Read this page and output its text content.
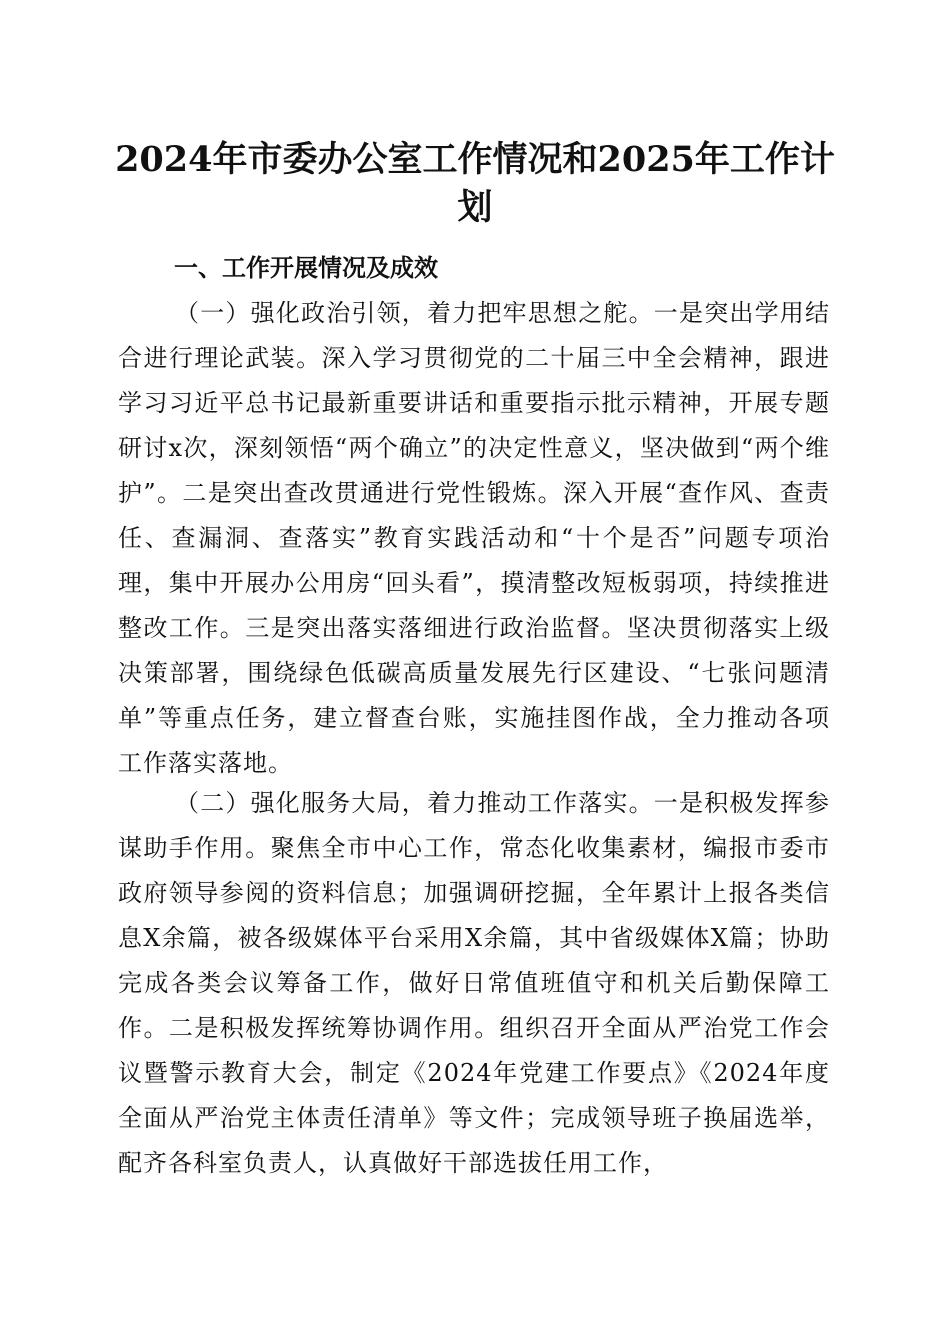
2024年市委办公室工作情况和2025年工作计划
一、工作开展情况及成效

（一）强化政治引领，着力把牢思想之舵。一是突出学用结合进行理论武装。深入学习贯彻党的二十届三中全会精神，跟进学习习近平总书记最新重要讲话和重要指示批示精神，开展专题研讨x次，深刻领悟“两个确立”的决定性意义，坚决做到“两个维护”。二是突出查改贯通进行党性锻炼。深入开展“查作风、查责任、查漏洞、查落实”教育实践活动和“十个是否”问题专项治理，集中开展办公用房“回头看”，摸清整改短板弱项，持续推进整改工作。三是突出落实落细进行政治监督。坚决贯彻落实上级决策部署，围绕绿色低碳高质量发展先行区建设、“七张问题清单”等重点任务，建立督查台账，实施挂图作战，全力推动各项工作落实落地。

（二）强化服务大局，着力推动工作落实。一是积极发挥参谋助手作用。聚焦全市中心工作，常态化收集素材，编报市委市政府领导参阅的资料信息；加强调研挖掘，全年累计上报各类信息X余篇，被各级媒体平台采用X余篇，其中省级媒体X篇；协助完成各类会议筹备工作，做好日常值班值守和机关后勤保障工作。二是积极发挥统筹协调作用。组织召开全面从严治党工作会议暨警示教育大会，制定《2024年党建工作要点》《2024年度全面从严治党主体责任清单》等文件；完成领导班子换届选举，配齐各科室负责人，认真做好干部选拔任用工作，
